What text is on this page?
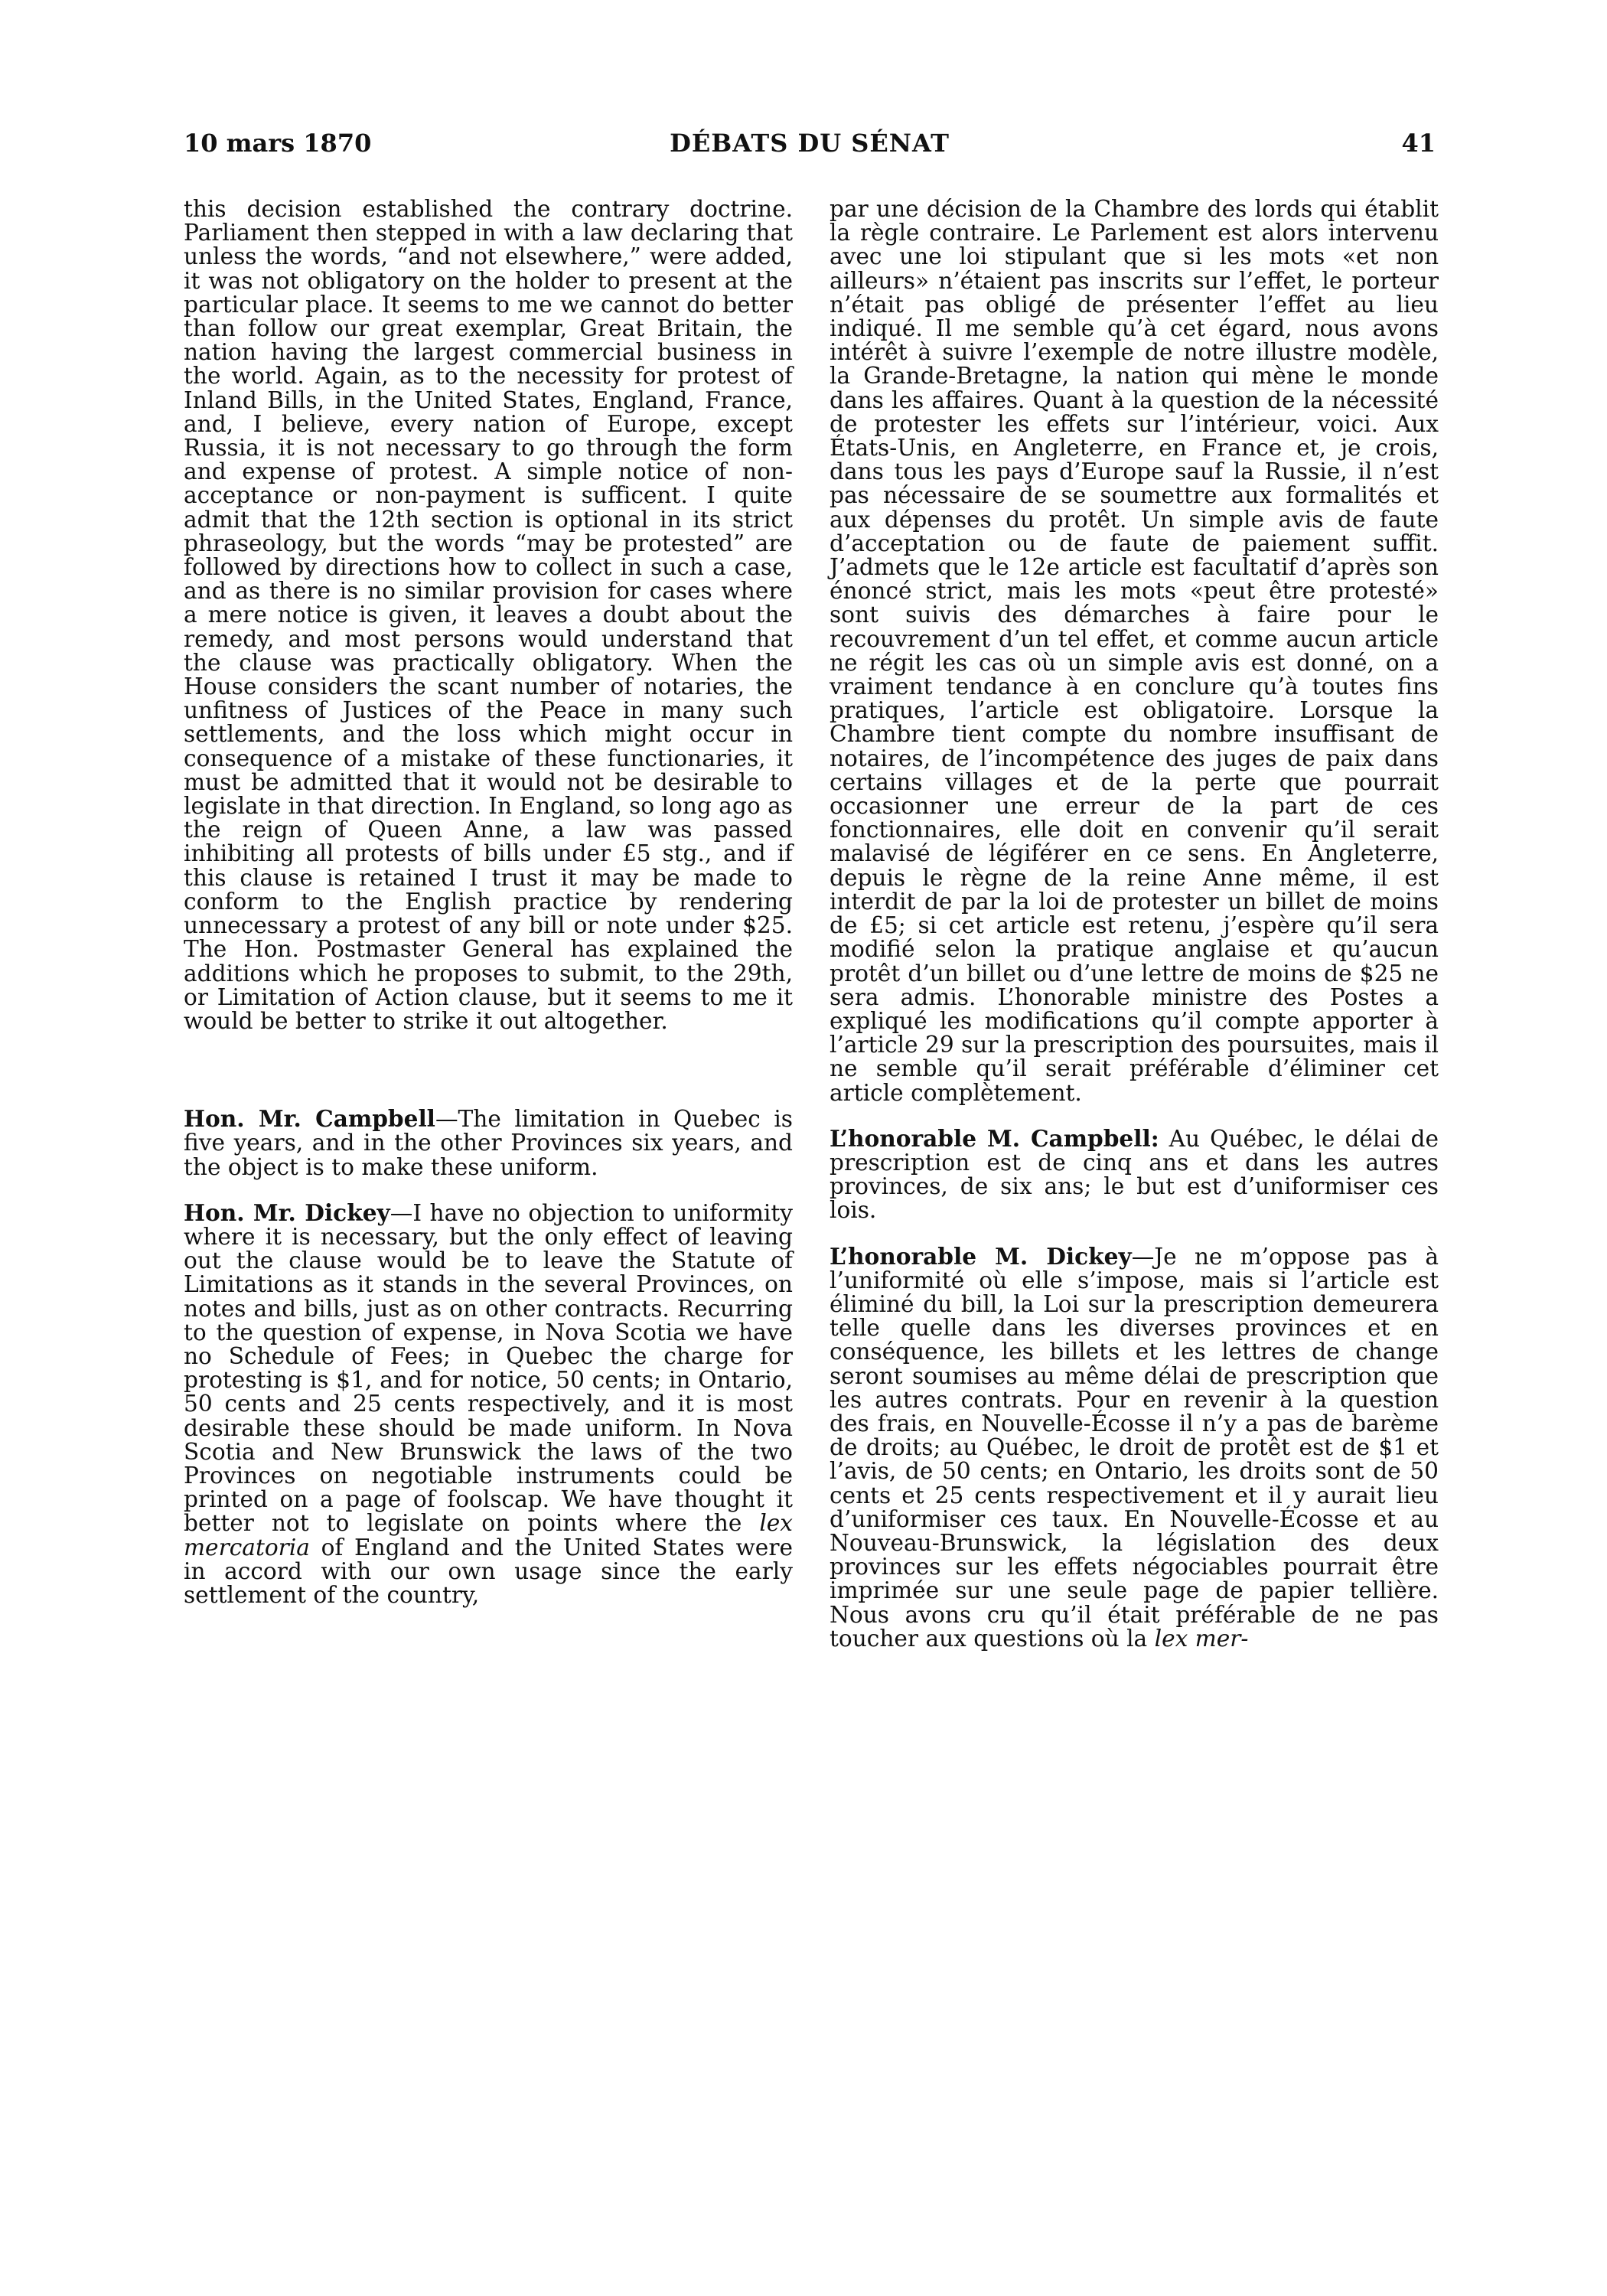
10 mars 1870	DÉBATS DU SÉNAT	41

this decision established the contrary doctrine. Parliament then stepped in with a law declaring that unless the words, “and not elsewhere,” were added, it was not obligatory on the holder to present at the particular place. It seems to me we cannot do better than follow our great exemplar, Great Britain, the nation having the largest commercial business in the world. Again, as to the necessity for protest of Inland Bills, in the United States, England, France, and, I believe, every nation of Europe, except Russia, it is not necessary to go through the form and expense of protest. A simple notice of non-acceptance or non-payment is sufficent. I quite admit that the 12th section is optional in its strict phraseology, but the words “may be protested” are followed by directions how to collect in such a case, and as there is no similar provision for cases where a mere notice is given, it leaves a doubt about the remedy, and most persons would understand that the clause was practically obligatory. When the House considers the scant number of notaries, the unfitness of Justices of the Peace in many such settlements, and the loss which might occur in consequence of a mistake of these functionaries, it must be admitted that it would not be desirable to legislate in that direction. In England, so long ago as the reign of Queen Anne, a law was passed inhibiting all protests of bills under £5 stg., and if this clause is retained I trust it may be made to conform to the English practice by rendering unnecessary a protest of any bill or note under $25. The Hon. Postmaster General has explained the additions which he proposes to submit, to the 29th, or Limitation of Action clause, but it seems to me it would be better to strike it out altogether.

Hon. Mr. Campbell—The limitation in Quebec is five years, and in the other Provinces six years, and the object is to make these uniform.

Hon. Mr. Dickey—I have no objection to uniformity where it is necessary, but the only effect of leaving out the clause would be to leave the Statute of Limitations as it stands in the several Provinces, on notes and bills, just as on other contracts. Recurring to the question of expense, in Nova Scotia we have no Schedule of Fees; in Quebec the charge for protesting is $1, and for notice, 50 cents; in Ontario, 50 cents and 25 cents respectively, and it is most desirable these should be made uniform. In Nova Scotia and New Brunswick the laws of the two Provinces on negotiable instruments could be printed on a page of foolscap. We have thought it better not to legislate on points where the lex mercatoria of England and the United States were in accord with our own usage since the early settlement of the country,

par une décision de la Chambre des lords qui établit la règle contraire. Le Parlement est alors intervenu avec une loi stipulant que si les mots «et non ailleurs» n’étaient pas inscrits sur l’effet, le porteur n’était pas obligé de présenter l’effet au lieu indiqué. Il me semble qu’à cet égard, nous avons intérêt à suivre l’exemple de notre illustre modèle, la Grande-Bretagne, la nation qui mène le monde dans les affaires. Quant à la question de la nécessité de protester les effets sur l’intérieur, voici. Aux États-Unis, en Angleterre, en France et, je crois, dans tous les pays d’Europe sauf la Russie, il n’est pas nécessaire de se soumettre aux formalités et aux dépenses du protêt. Un simple avis de faute d’acceptation ou de faute de paiement suffit. J’admets que le 12e article est facultatif d’après son énoncé strict, mais les mots «peut être protesté» sont suivis des démarches à faire pour le recouvrement d’un tel effet, et comme aucun article ne régit les cas où un simple avis est donné, on a vraiment tendance à en conclure qu’à toutes fins pratiques, l’article est obligatoire. Lorsque la Chambre tient compte du nombre insuffisant de notaires, de l’incompétence des juges de paix dans certains villages et de la perte que pourrait occasionner une erreur de la part de ces fonctionnaires, elle doit en convenir qu’il serait malavisé de légiférer en ce sens. En Angleterre, depuis le règne de la reine Anne même, il est interdit de par la loi de protester un billet de moins de £5; si cet article est retenu, j’espère qu’il sera modifié selon la pratique anglaise et qu’aucun protêt d’un billet ou d’une lettre de moins de $25 ne sera admis. L’honorable ministre des Postes a expliqué les modifications qu’il compte apporter à l’article 29 sur la prescription des poursuites, mais il ne semble qu’il serait préférable d’éliminer cet article complètement.

L’honorable M. Campbell: Au Québec, le délai de prescription est de cinq ans et dans les autres provinces, de six ans; le but est d’uniformiser ces lois.

L’honorable M. Dickey—Je ne m’oppose pas à l’uniformité où elle s’impose, mais si l’article est éliminé du bill, la Loi sur la prescription demeurera telle quelle dans les diverses provinces et en conséquence, les billets et les lettres de change seront soumises au même délai de prescription que les autres contrats. Pour en revenir à la question des frais, en Nouvelle-Écosse il n’y a pas de barème de droits; au Québec, le droit de protêt est de $1 et l’avis, de 50 cents; en Ontario, les droits sont de 50 cents et 25 cents respectivement et il y aurait lieu d’uniformiser ces taux. En Nouvelle-Écosse et au Nouveau-Brunswick, la législation des deux provinces sur les effets négociables pourrait être imprimée sur une seule page de papier tellière. Nous avons cru qu’il était préférable de ne pas toucher aux questions où la lex mer-
